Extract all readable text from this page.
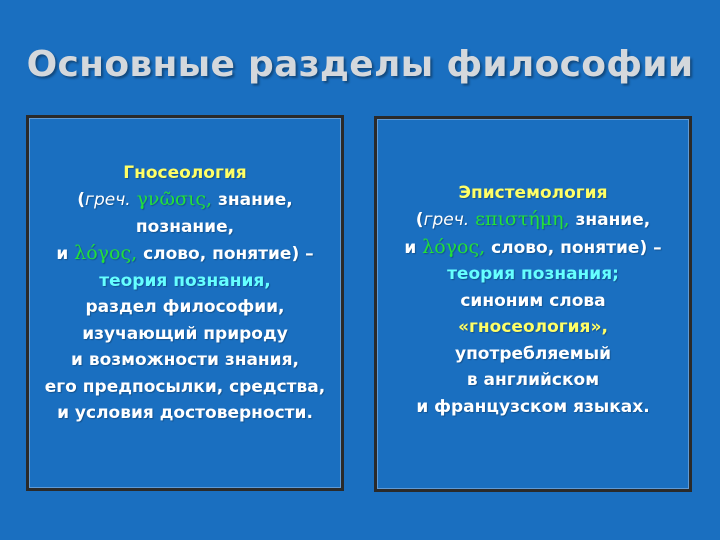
Основные разделы философии
Гносеология
(греч. γνῶσις, знание,
познание,
и λόγος, слово, понятие) –
теория познания,
раздел философии,
изучающий природу
и возможности знания,
его предпосылки, средства,
и условия достоверности.
Эпистемология
(греч. επιστήμη, знание,
и λόγος, слово, понятие) –
теория познания;
синоним слова
«гносеология»,
употребляемый
в английском
и французском языках.
